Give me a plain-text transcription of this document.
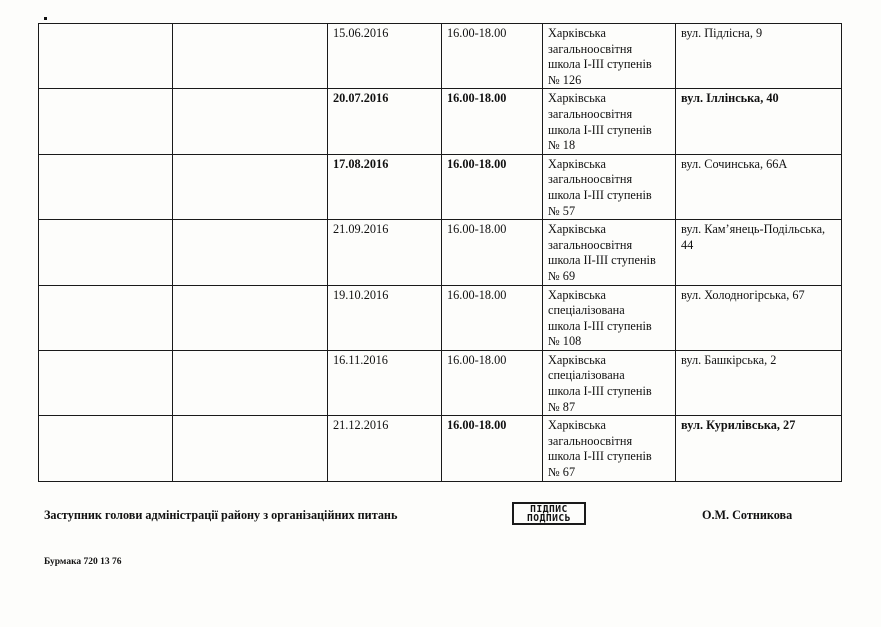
		15.06.2016	16.00-18.00	Харківська
загальноосвітня
школа І-ІІІ ступенів
№ 126	вул. Підлісна, 9
		20.07.2016	16.00-18.00	Харківська
загальноосвітня
школа І-ІІІ ступенів
№ 18	вул. Іллінська, 40
		17.08.2016	16.00-18.00	Харківська
загальноосвітня
школа І-ІІІ ступенів
№ 57	вул. Сочинська, 66А
		21.09.2016	16.00-18.00	Харківська
загальноосвітня
школа ІІ-ІІІ ступенів
№ 69	вул. Кам’янець-Подільська, 44
		19.10.2016	16.00-18.00	Харківська
спеціалізована
школа І-ІІІ ступенів
№ 108	вул. Холодногірська, 67
		16.11.2016	16.00-18.00	Харківська
спеціалізована
школа І-ІІІ ступенів
№ 87	вул. Башкірська, 2
		21.12.2016	16.00-18.00	Харківська
загальноосвітня
школа І-ІІІ ступенів
№ 67	вул. Курилівська, 27
Заступник голови адміністрації району з організаційних питань	ПІДПИС
ПОДПИСЬ	О.М. Сотникова
Бурмака 720 13 76
